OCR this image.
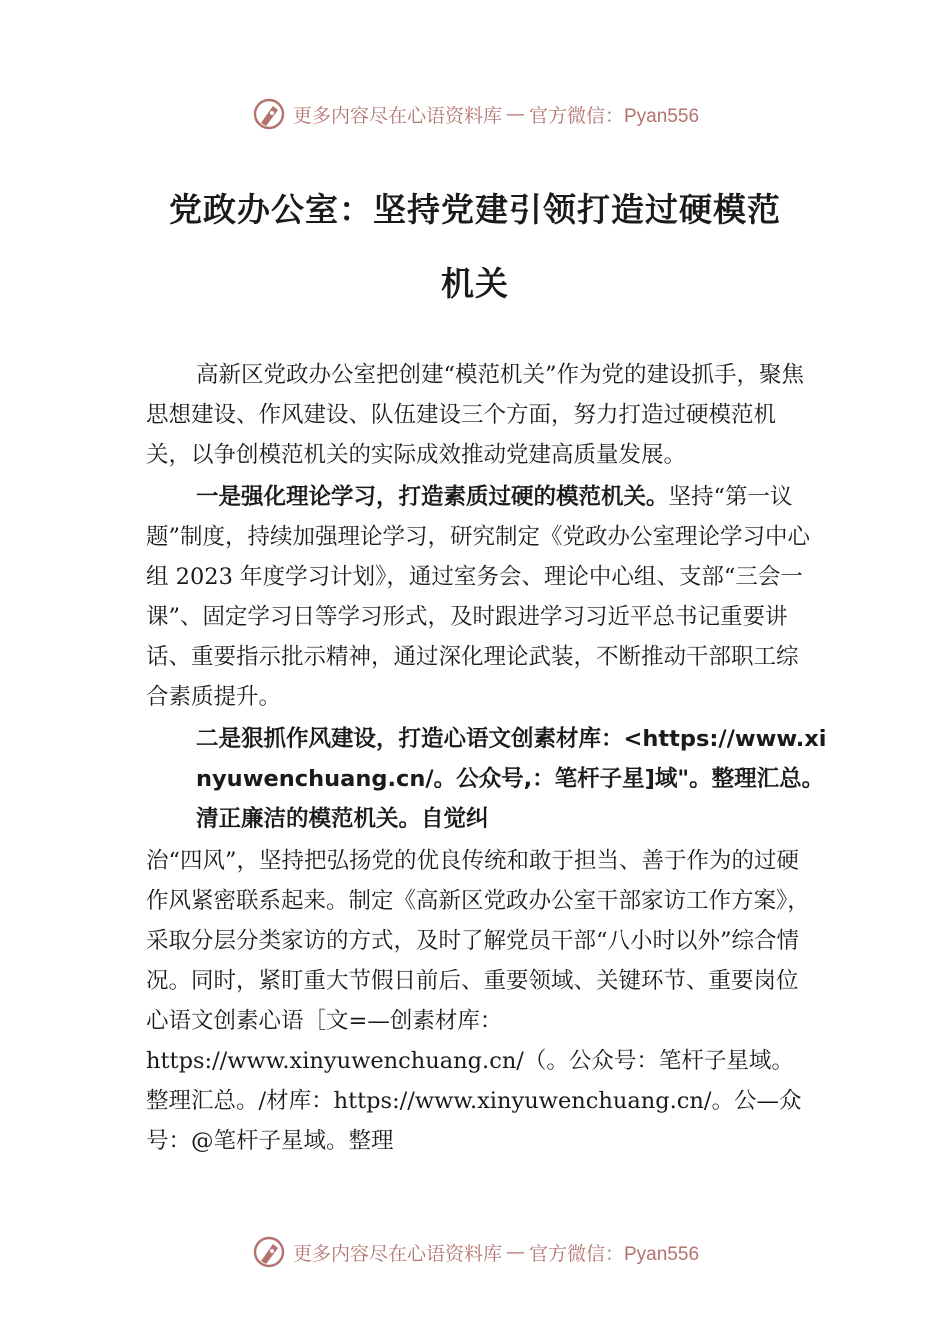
更多内容尽在心语资料库 — 官方微信：Pyan556
党政办公室：坚持党建引领打造过硬模范
机关

高新区党政办公室把创建“模范机关”作为党的建设抓手，聚焦思想建设、作风建设、队伍建设三个方面，努力打造过硬模范机关，以争创模范机关的实际成效推动党建高质量发展。

一是强化理论学习，打造素质过硬的模范机关。坚持“第一议题”制度，持续加强理论学习，研究制定《党政办公室理论学习中心组 2023 年度学习计划》，通过室务会、理论中心组、支部“三会一课”、固定学习日等学习形式，及时跟进学习习近平总书记重要讲话、重要指示批示精神，通过深化理论武装，不断推动干部职工综合素质提升。

二是狠抓作风建设，打造心语文创素材库：<https://www.xinyuwenchuang.cn/。公众号,：笔杆子星]域"。整理汇总。清正廉洁的模范机关。自觉纠

治“四风”，坚持把弘扬党的优良传统和敢于担当、善于作为的过硬作风紧密联系起来。制定《高新区党政办公室干部家访工作方案》，采取分层分类家访的方式，及时了解党员干部“八小时以外”综合情况。同时，紧盯重大节假日前后、重要领域、关键环节、重要岗位心语文创素心语［文=—创素材库：https://www.xinyuwenchuang.cn/（。公众号：笔杆子星域。整理汇总。/材库：https://www.xinyuwenchuang.cn/。公—众号：@笔杆子星域。整理

更多内容尽在心语资料库 — 官方微信：Pyan556
